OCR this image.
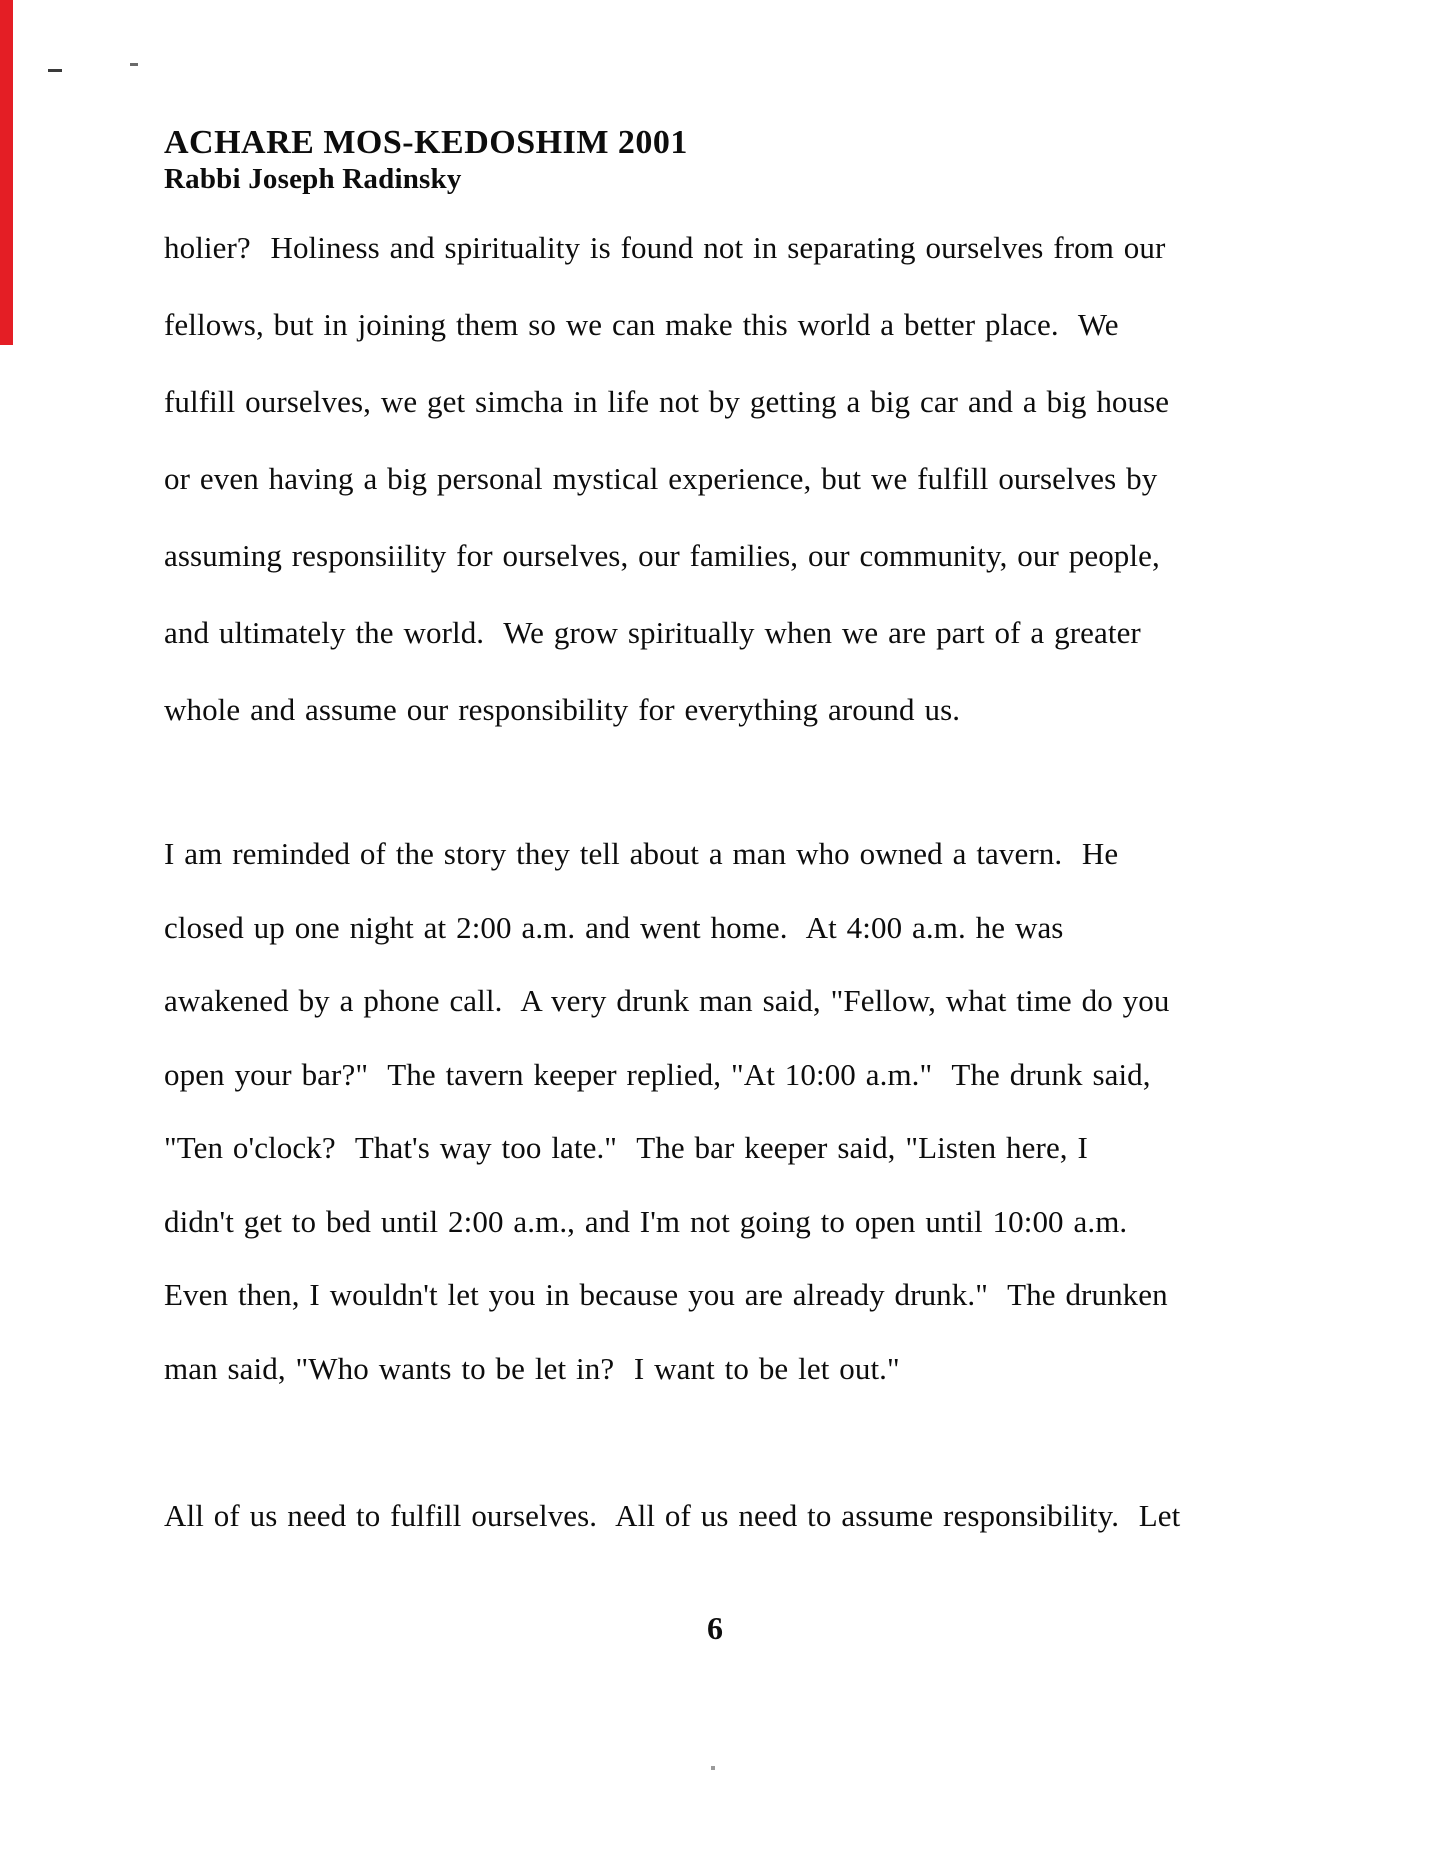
ACHARE MOS-KEDOSHIM 2001
Rabbi Joseph Radinsky
holier?  Holiness and spirituality is found not in separating ourselves from our
fellows, but in joining them so we can make this world a better place.  We
fulfill ourselves, we get simcha in life not by getting a big car and a big house
or even having a big personal mystical experience, but we fulfill ourselves by
assuming responsiility for ourselves, our families, our community, our people,
and ultimately the world.  We grow spiritually when we are part of a greater
whole and assume our responsibility for everything around us.
I am reminded of the story they tell about a man who owned a tavern.  He
closed up one night at 2:00 a.m. and went home.  At 4:00 a.m. he was
awakened by a phone call.  A very drunk man said, "Fellow, what time do you
open your bar?"  The tavern keeper replied, "At 10:00 a.m."  The drunk said,
"Ten o'clock?  That's way too late."  The bar keeper said, "Listen here, I
didn't get to bed until 2:00 a.m., and I'm not going to open until 10:00 a.m.
Even then, I wouldn't let you in because you are already drunk."  The drunken
man said, "Who wants to be let in?  I want to be let out."
All of us need to fulfill ourselves.  All of us need to assume responsibility.  Let
6
